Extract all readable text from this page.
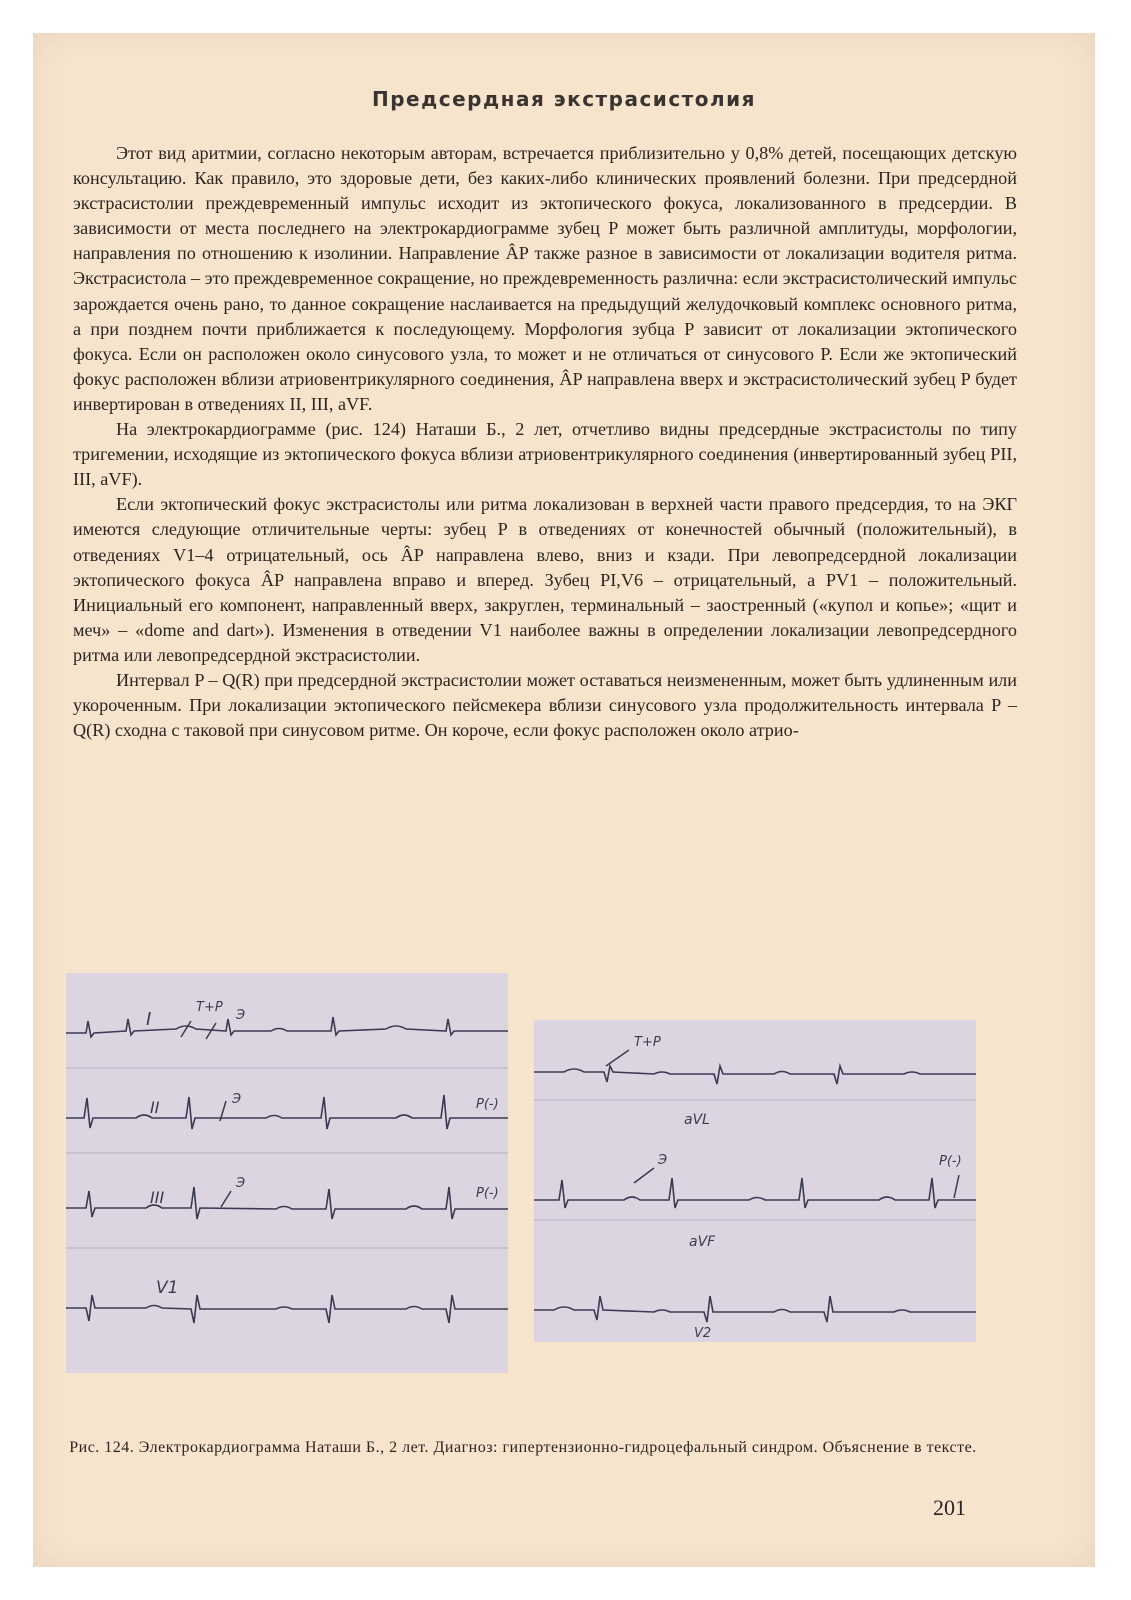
Предсердная экстрасистолия

Этот вид аритмии, согласно некоторым авторам, встречается приблизительно у 0,8% детей, посещающих детскую консультацию. Как правило, это здоровые дети, без каких-либо клинических проявлений болезни. При предсердной экстрасистолии преждевременный импульс исходит из эктопического фокуса, локализованного в предсердии. В зависимости от места последнего на электрокардиограмме зубец P может быть различной амплитуды, морфологии, направления по отношению к изолинии. Направление ÂP также разное в зависимости от локализации водителя ритма. Экстрасистола – это преждевременное сокращение, но преждевременность различна: если экстрасистолический импульс зарождается очень рано, то данное сокращение наслаивается на предыдущий желудочковый комплекс основного ритма, а при позднем почти приближается к последующему. Морфология зубца P зависит от локализации эктопического фокуса. Если он расположен около синусового узла, то может и не отличаться от синусового P. Если же эктопический фокус расположен вблизи атриовентрикулярного соединения, ÂP направлена вверх и экстрасистолический зубец P будет инвертирован в отведениях II, III, aVF.

На электрокардиограмме (рис. 124) Наташи Б., 2 лет, отчетливо видны предсердные экстрасистолы по типу тригемении, исходящие из эктопического фокуса вблизи атриовентрикулярного соединения (инвертированный зубец PII, III, aVF).

Если эктопический фокус экстрасистолы или ритма локализован в верхней части правого предсердия, то на ЭКГ имеются следующие отличительные черты: зубец P в отведениях от конечностей обычный (положительный), в отведениях V1–4 отрицательный, ось ÂP направлена влево, вниз и кзади. При левопредсердной локализации эктопического фокуса ÂP направлена вправо и вперед. Зубец PI,V6 – отрицательный, а PV1 – положительный. Инициальный его компонент, направленный вверх, закруглен, терминальный – заостренный («купол и копье»; «щит и меч» – «dome and dart»). Изменения в отведении V1 наиболее важны в определении локализации левопредсердного ритма или левопредсердной экстрасистолии.

Интервал P – Q(R) при предсердной экстрасистолии может оставаться неизмененным, может быть удлиненным или укороченным. При локализации эктопического пейсмекера вблизи синусового узла продолжительность интервала P – Q(R) сходна с таковой при синусовом ритме. Он короче, если фокус расположен около атрио-

I
II
III
V1
T+P
Э
Э	P(-)
Э
P(-)
T+P
aVL
Э	P(-)
aVF
V2
Рис. 124. Электрокардиограмма Наташи Б., 2 лет. Диагноз: гипертензионно-гидроцефальный синдром. Объяснение в тексте.
201
